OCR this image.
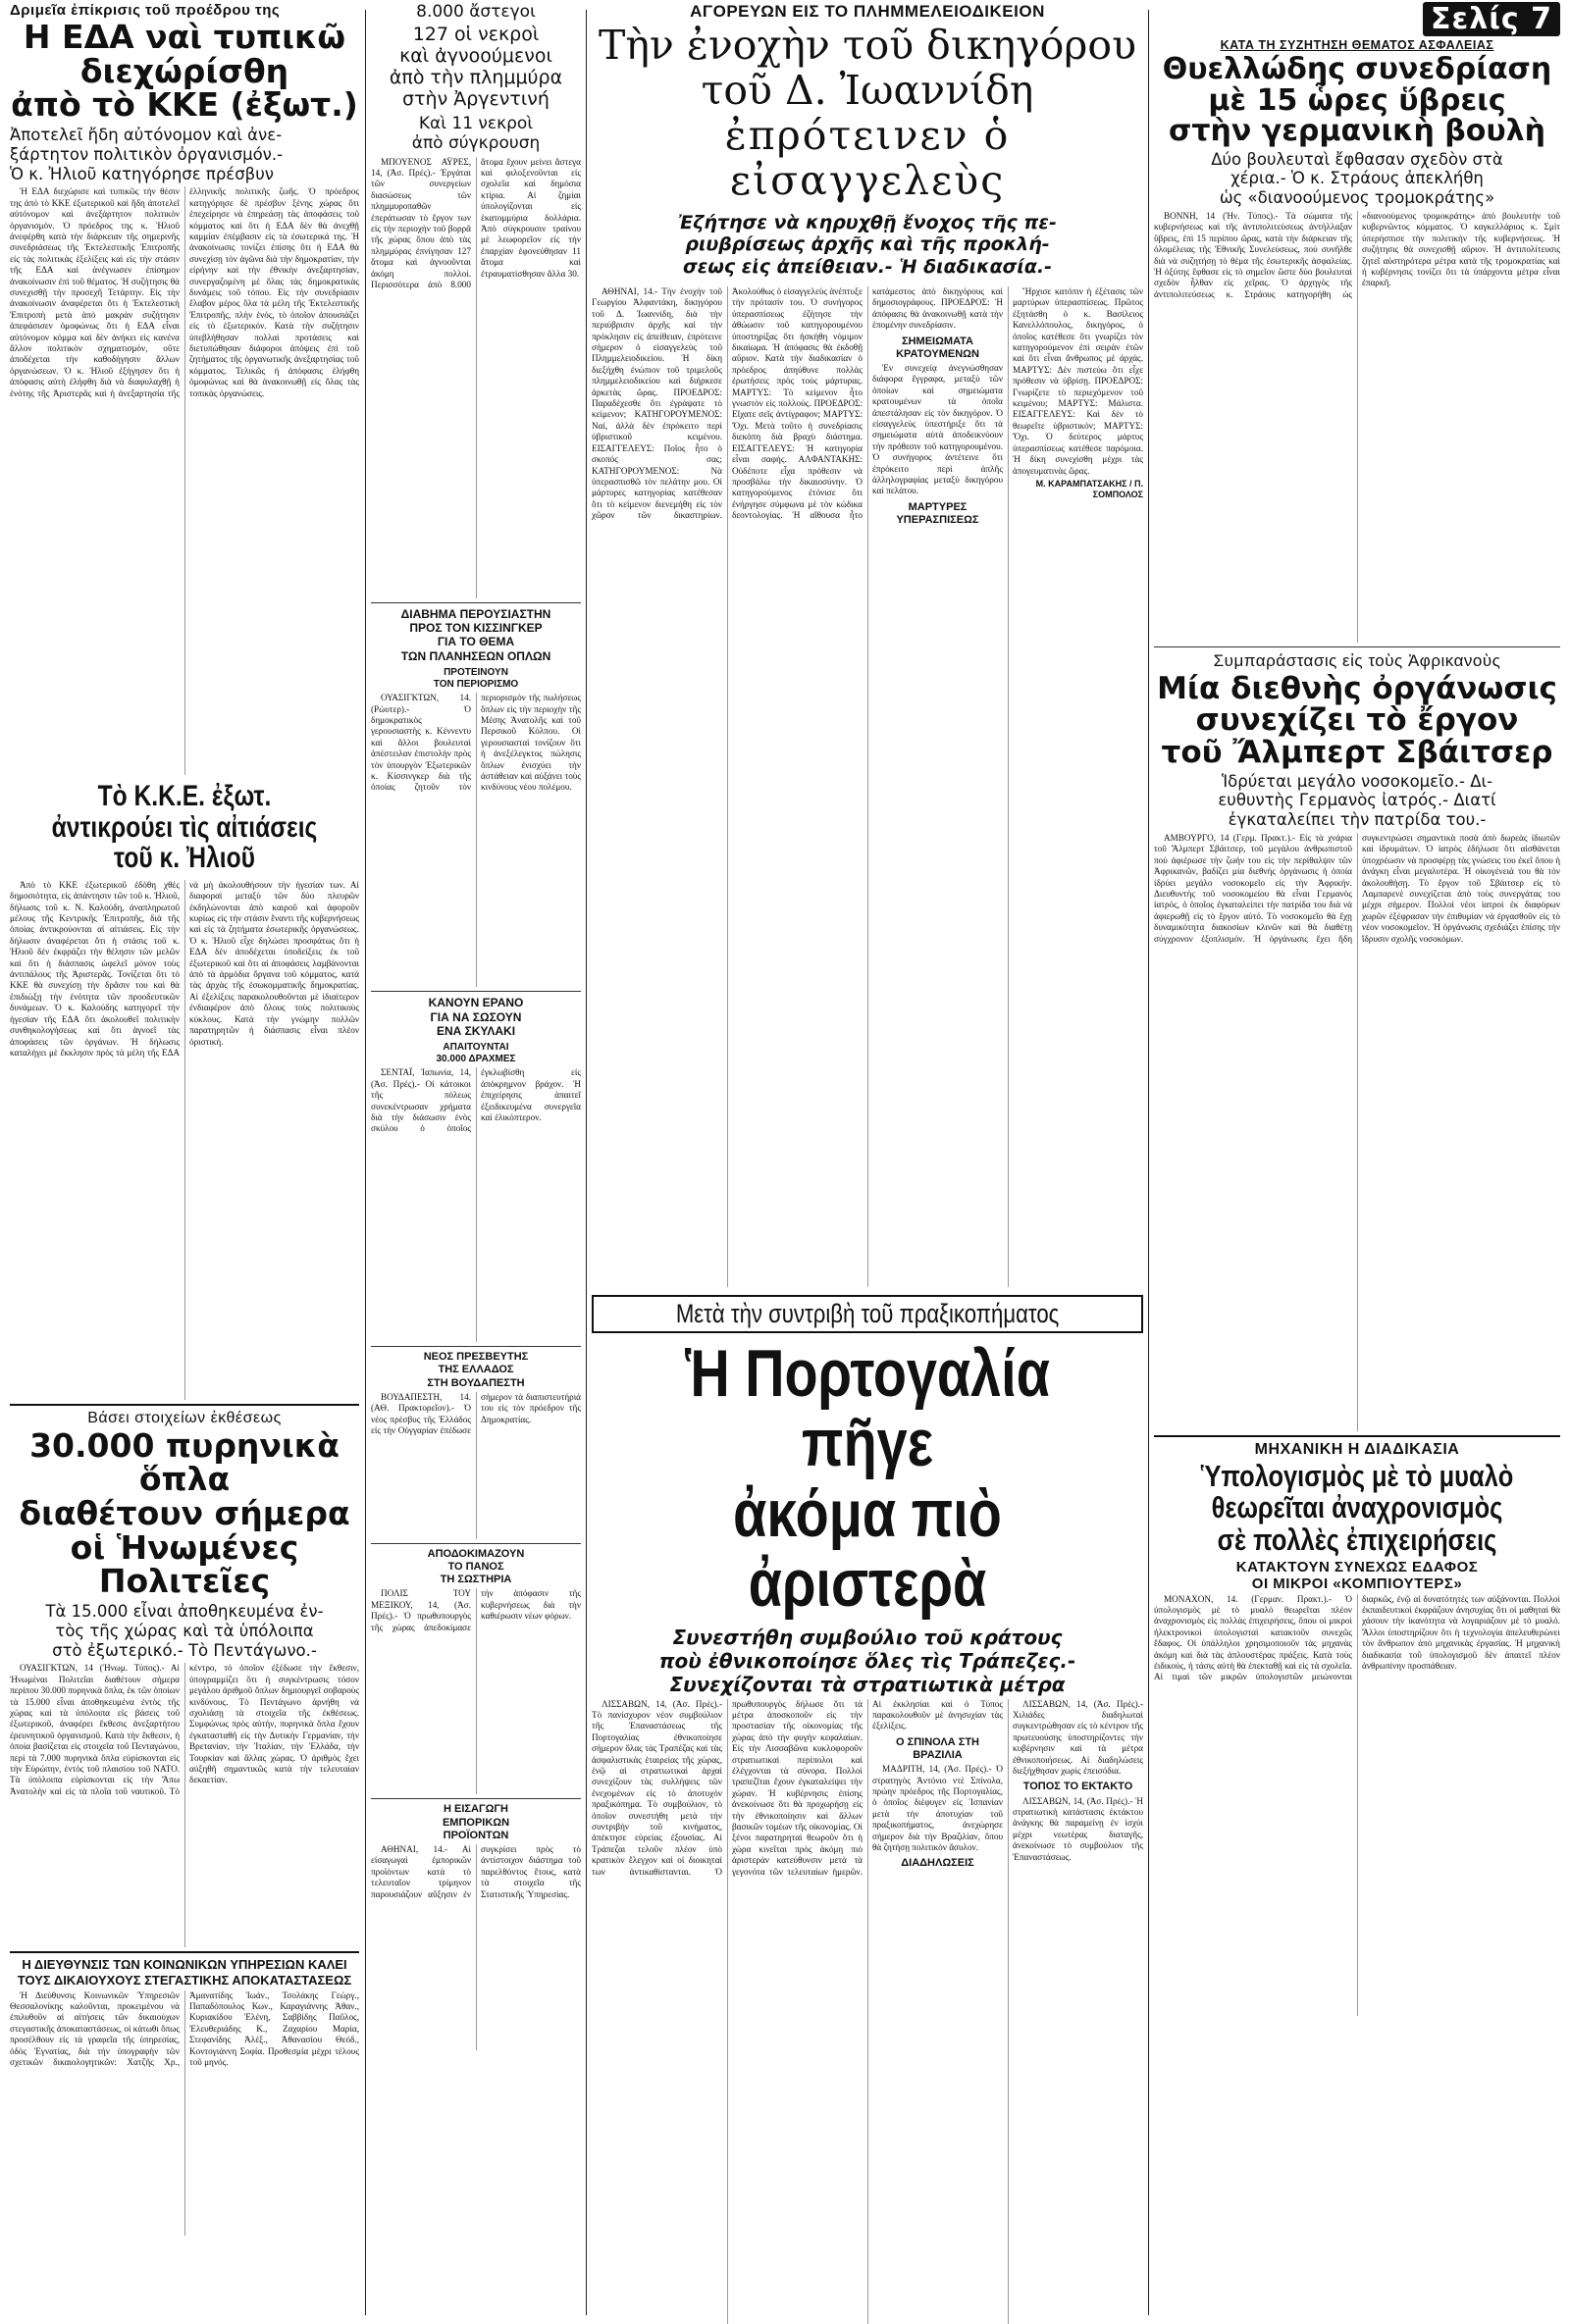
Δριμεῖα ἐπίκρισις τοῦ προέδρου της
Η ΕΔΑ ναὶ τυπικῶ
διεχώρίσθη
ἀπὸ τὸ ΚΚΕ (ἐξωτ.)
Ἀποτελεῖ ἤδη αὐτόνομον καὶ ἀνε-
ξάρτητον πολιτικὸν ὀργανισμόν.-
Ὁ κ. Ἠλιοῦ κατηγόρησε πρέσβυν

Ἡ ΕΔΑ διεχώρισε καὶ τυπικῶς τὴν θέσιν της ἀπὸ τὸ ΚΚΕ ἐξωτερικοῦ καὶ ἤδη ἀποτελεῖ αὐτόνομον καὶ ἀνεξάρτητον πολιτικὸν ὀργανισμόν. Ὁ πρόεδρος της κ. Ἠλιοῦ ἀνεφέρθη κατὰ τὴν διάρκειαν τῆς σημερινῆς συνεδριάσεως τῆς Ἐκτελεστικῆς Ἐπιτροπῆς εἰς τὰς πολιτικὰς ἐξελίξεις καὶ εἰς τὴν στάσιν τῆς ΕΔΑ καὶ ἀνέγνωσεν ἐπίσημον ἀνακοίνωσιν ἐπὶ τοῦ θέματος. Ἡ συζήτησις θὰ συνεχισθῇ τὴν προσεχῆ Τετάρτην. Εἰς τὴν ἀνακοίνωσιν ἀναφέρεται ὅτι ἡ Ἐκτελεστικὴ Ἐπιτροπὴ μετὰ ἀπὸ μακρὰν συζήτησιν ἀπεφάσισεν ὁμοφώνως ὅτι ἡ ΕΔΑ εἶναι αὐτόνομον κόμμα καὶ δὲν ἀνήκει εἰς κανένα ἄλλον πολιτικὸν σχηματισμόν, οὔτε ἀποδέχεται τὴν καθοδήγησιν ἄλλων ὀργανώσεων. Ὁ κ. Ἠλιοῦ ἐξήγησεν ὅτι ἡ ἀπόφασις αὐτὴ ἐλήφθη διὰ νὰ διαφυλαχθῇ ἡ ἑνότης τῆς Ἀριστερᾶς καὶ ἡ ἀνεξαρτησία τῆς ἑλληνικῆς πολιτικῆς ζωῆς. Ὁ πρόεδρος κατηγόρησε δὲ πρέσβυν ξένης χώρας ὅτι ἐπεχείρησε νὰ ἐπηρεάσῃ τὰς ἀποφάσεις τοῦ κόμματος καὶ ὅτι ἡ ΕΔΑ δὲν θὰ ἀνεχθῇ καμμίαν ἐπέμβασιν εἰς τὰ ἐσωτερικά της. Ἡ ἀνακοίνωσις τονίζει ἐπίσης ὅτι ἡ ΕΔΑ θὰ συνεχίσῃ τὸν ἀγῶνα διὰ τὴν δημοκρατίαν, τὴν εἰρήνην καὶ τὴν ἐθνικὴν ἀνεξαρτησίαν, συνεργαζομένη μὲ ὅλας τὰς δημοκρατικὰς δυνάμεις τοῦ τόπου. Εἰς τὴν συνεδρίασιν ἔλαβον μέρος ὅλα τὰ μέλη τῆς Ἐκτελεστικῆς Ἐπιτροπῆς, πλὴν ἑνός, τὸ ὁποῖον ἀπουσιάζει εἰς τὸ ἐξωτερικόν. Κατὰ τὴν συζήτησιν ὑπεβλήθησαν πολλαὶ προτάσεις καὶ διετυπώθησαν διάφοροι ἀπόψεις ἐπὶ τοῦ ζητήματος τῆς ὀργανωτικῆς ἀνεξαρτησίας τοῦ κόμματος. Τελικῶς ἡ ἀπόφασις ἐλήφθη ὁμοφώνως καὶ θὰ ἀνακοινωθῇ εἰς ὅλας τὰς τοπικὰς ὀργανώσεις.

Τὸ Κ.Κ.Ε. ἐξωτ. ἀντικρούει τὶς αἰτιάσεις τοῦ κ. Ἠλιοῦ

Ἀπὸ τὸ ΚΚΕ ἐξωτερικοῦ ἐδόθη χθὲς δημοσιότητα, εἰς ἀπάντησιν τῶν τοῦ κ. Ἠλιοῦ, δήλωσις τοῦ κ. Ν. Καλούδη, ἀναπληρωτοῦ μέλους τῆς Κεντρικῆς Ἐπιτροπῆς, διὰ τῆς ὁποίας ἀντικρούονται αἱ αἰτιάσεις. Εἰς τὴν δήλωσιν ἀναφέρεται ὅτι ἡ στάσις τοῦ κ. Ἠλιοῦ δὲν ἐκφράζει τὴν θέλησιν τῶν μελῶν καὶ ὅτι ἡ διάσπασις ὠφελεῖ μόνον τοὺς ἀντιπάλους τῆς Ἀριστερᾶς. Τονίζεται ὅτι τὸ ΚΚΕ θὰ συνεχίσῃ τὴν δρᾶσιν του καὶ θὰ ἐπιδιώξῃ τὴν ἑνότητα τῶν προοδευτικῶν δυνάμεων. Ὁ κ. Καλούδης κατηγορεῖ τὴν ἡγεσίαν τῆς ΕΔΑ ὅτι ἀκολουθεῖ πολιτικὴν συνθηκολογήσεως καὶ ὅτι ἀγνοεῖ τὰς ἀποφάσεις τῶν ὀργάνων. Ἡ δήλωσις καταλήγει μὲ ἔκκλησιν πρὸς τὰ μέλη τῆς ΕΔΑ νὰ μὴ ἀκολουθήσουν τὴν ἡγεσίαν των. Αἱ διαφοραὶ μεταξὺ τῶν δύο πλευρῶν ἐκδηλώνονται ἀπὸ καιροῦ καὶ ἀφοροῦν κυρίως εἰς τὴν στάσιν ἔναντι τῆς κυβερνήσεως καὶ εἰς τὰ ζητήματα ἐσωτερικῆς ὀργανώσεως. Ὁ κ. Ἠλιοῦ εἶχε δηλώσει προσφάτως ὅτι ἡ ΕΔΑ δὲν ἀποδέχεται ὑποδείξεις ἐκ τοῦ ἐξωτερικοῦ καὶ ὅτι αἱ ἀποφάσεις λαμβάνονται ἀπὸ τὰ ἀρμόδια ὄργανα τοῦ κόμματος, κατὰ τὰς ἀρχὰς τῆς ἐσωκομματικῆς δημοκρατίας. Αἱ ἐξελίξεις παρακολουθοῦνται μὲ ἰδιαίτερον ἐνδιαφέρον ἀπὸ ὅλους τοὺς πολιτικοὺς κύκλους. Κατὰ τὴν γνώμην πολλῶν παρατηρητῶν ἡ διάσπασις εἶναι πλέον ὁριστική.

Βάσει στοιχείων ἐκθέσεως
30.000 πυρηνικὰ ὅπλα
διαθέτουν σήμερα
οἱ Ἡνωμένες Πολιτεῖες
Τὰ 15.000 εἶναι ἀποθηκευμένα ἐν-
τὸς τῆς χώρας καὶ τὰ ὑπόλοιπα
στὸ ἐξωτερικό.- Τὸ Πεντάγωνο.-

ΟΥΑΣΙΓΚΤΩΝ, 14 (Ἡνωμ. Τύπος).- Αἱ Ἡνωμέναι Πολιτεῖαι διαθέτουν σήμερα περίπου 30.000 πυρηνικὰ ὅπλα, ἐκ τῶν ὁποίων τὰ 15.000 εἶναι ἀποθηκευμένα ἐντὸς τῆς χώρας καὶ τὰ ὑπόλοιπα εἰς βάσεις τοῦ ἐξωτερικοῦ, ἀναφέρει ἔκθεσις ἀνεξαρτήτου ἐρευνητικοῦ ὀργανισμοῦ. Κατὰ τὴν ἔκθεσιν, ἡ ὁποία βασίζεται εἰς στοιχεῖα τοῦ Πενταγώνου, περὶ τὰ 7.000 πυρηνικὰ ὅπλα εὑρίσκονται εἰς τὴν Εὐρώπην, ἐντὸς τοῦ πλαισίου τοῦ ΝΑΤΟ. Τὰ ὑπόλοιπα εὑρίσκονται εἰς τὴν Ἄπω Ἀνατολὴν καὶ εἰς τὰ πλοῖα τοῦ ναυτικοῦ. Τὸ κέντρο, τὸ ὁποῖον ἐξέδωσε τὴν ἔκθεσιν, ὑπογραμμίζει ὅτι ἡ συγκέντρωσις τόσον μεγάλου ἀριθμοῦ ὅπλων δημιουργεῖ σοβαροὺς κινδύνους. Τὸ Πεντάγωνο ἀρνήθη νὰ σχολιάσῃ τὰ στοιχεῖα τῆς ἐκθέσεως. Συμφώνως πρὸς αὐτήν, πυρηνικὰ ὅπλα ἔχουν ἐγκατασταθῆ εἰς τὴν Δυτικὴν Γερμανίαν, τὴν Βρετανίαν, τὴν Ἰταλίαν, τὴν Ἑλλάδα, τὴν Τουρκίαν καὶ ἄλλας χώρας. Ὁ ἀριθμὸς ἔχει αὐξηθῆ σημαντικῶς κατὰ τὴν τελευταίαν δεκαετίαν.

Η ΔΙΕΥΘΥΝΣΙΣ ΤΩΝ ΚΟΙΝΩΝΙΚΩΝ ΥΠΗΡΕΣΙΩΝ ΚΑΛΕΙ ΤΟΥΣ ΔΙΚΑΙΟΥΧΟΥΣ ΣΤΕΓΑΣΤΙΚΗΣ ΑΠΟΚΑΤΑΣΤΑΣΕΩΣ

Ἡ Διεύθυνσις Κοινωνικῶν Ὑπηρεσιῶν Θεσσαλονίκης καλοῦνται, προκειμένου νὰ ἐπιλυθοῦν αἱ αἰτήσεις τῶν δικαιούχων στεγαστικῆς ἀποκαταστάσεως, οἱ κάτωθι ὅπως προσέλθουν εἰς τὰ γραφεῖα τῆς ὑπηρεσίας, ὁδὸς Ἐγνατίας, διὰ τὴν ὑπογραφὴν τῶν σχετικῶν δικαιολογητικῶν: Χατζῆς Χρ., Ἀμανατίδης Ἰωάν., Τσολάκης Γεώργ., Παπαδόπουλος Κων., Καραγιάννης Ἀθαν., Κυριακίδου Ἑλένη, Σαββίδης Παῦλος, Ἐλευθεριάδης Κ., Ζαχαρίου Μαρία, Στεφανίδης Ἀλέξ., Ἀθανασίου Θεόδ., Κοντογιάννη Σοφία. Προθεσμία μέχρι τέλους τοῦ μηνός.

8.000 ἄστεγοι
127 οἱ νεκροὶ
καὶ ἀγνοούμενοι
ἀπὸ τὴν πλημμύρα
στὴν Ἀργεντινή
Καὶ 11 νεκροὶ
ἀπὸ σύγκρουση

ΜΠΟΥΕΝΟΣ ΑΫΡΕΣ, 14, (Ἀσ. Πρές).- Ἐργάται τῶν συνεργείων διασώσεως τῶν πλημμυροπαθῶν ἐπεράτωσαν τὸ ἔργον των εἰς τὴν περιοχὴν τοῦ βορρᾶ τῆς χώρας ὅπου ἀπὸ τὰς πλημμύρας ἐπνίγησαν 127 ἄτομα καὶ ἀγνοοῦνται ἀκόμη πολλοί. Περισσότερα ἀπὸ 8.000 ἄτομα ἔχουν μείνει ἄστεγα καὶ φιλοξενοῦνται εἰς σχολεῖα καὶ δημόσια κτίρια. Αἱ ζημίαι ὑπολογίζονται εἰς ἑκατομμύρια δολλάρια. Ἀπὸ σύγκρουσιν τραίνου μὲ λεωφορεῖον εἰς τὴν ἐπαρχίαν ἐφονεύθησαν 11 ἄτομα καὶ ἐτραυματίσθησαν ἄλλα 30.

ΔΙΑΒΗΜΑ ΠΕΡΟΥΣΙΑΣΤΗΝ
ΠΡΟΣ ΤΟΝ ΚΙΣΣΙΝΓΚΕΡ
ΓΙΑ ΤΟ ΘΕΜΑ
ΤΩΝ ΠΛΑΝΗΣΕΩΝ ΟΠΛΩΝ
ΠΡΟΤΕΙΝΟΥΝ
ΤΟΝ ΠΕΡΙΟΡΙΣΜΟ

ΟΥΑΣΙΓΚΤΩΝ, 14. (Ρώυτερ).- Ὁ δημοκρατικὸς γερουσιαστὴς κ. Κέννεντυ καὶ ἄλλοι βουλευταὶ ἀπέστειλαν ἐπιστολὴν πρὸς τὸν ὑπουργὸν Ἐξωτερικῶν κ. Κίσσινγκερ διὰ τῆς ὁποίας ζητοῦν τὸν περιορισμὸν τῆς πωλήσεως ὅπλων εἰς τὴν περιοχὴν τῆς Μέσης Ἀνατολῆς καὶ τοῦ Περσικοῦ Κόλπου. Οἱ γερουσιασταὶ τονίζουν ὅτι ἡ ἀνεξέλεγκτος πώλησις ὅπλων ἐνισχύει τὴν ἀστάθειαν καὶ αὐξάνει τοὺς κινδύνους νέου πολέμου.

ΚΑΝΟΥΝ ΕΡΑΝΟ
ΓΙΑ ΝΑ ΣΩΣΟΥΝ
ΕΝΑ ΣΚΥΛΑΚΙ
ΑΠΑΙΤΟΥΝΤΑΙ
30.000 ΔΡΑΧΜΕΣ

ΣΕΝΤΑΪ, Ἰαπωνία, 14, (Ἀσ. Πρές).- Οἱ κάτοικοι τῆς πόλεως συνεκέντρωσαν χρήματα διὰ τὴν διάσωσιν ἑνὸς σκύλου ὁ ὁποῖος ἐγκλωβίσθη εἰς ἀπόκρημνον βράχον. Ἡ ἐπιχείρησις ἀπαιτεῖ ἐξειδικευμένα συνεργεῖα καὶ ἑλικόπτερον.

ΝΕΟΣ ΠΡΕΣΒΕΥΤΗΣ
ΤΗΣ ΕΛΛΑΔΟΣ
ΣΤΗ ΒΟΥΔΑΠΕΣΤΗ

ΒΟΥΔΑΠΕΣΤΗ, 14. (ΑΘ. Πρακτορεῖον).- Ὁ νέος πρέσβυς τῆς Ἑλλάδος εἰς τὴν Οὑγγαρίαν ἐπέδωσε σήμερον τὰ διαπιστευτήριά του εἰς τὸν πρόεδρον τῆς Δημοκρατίας.

ΑΠΟΔΟΚΙΜΑΖΟΥΝ
ΤΟ ΠΑΝΟΣ
ΤΗ ΣΩΣΤΗΡΙΑ

ΠΟΛΙΣ ΤΟΥ ΜΕΞΙΚΟΥ, 14, (Ἀσ. Πρές).- Ὁ πρωθυπουργὸς τῆς χώρας ἀπεδοκίμασε τὴν ἀπόφασιν τῆς κυβερνήσεως διὰ τὴν καθιέρωσιν νέων φόρων.

Η ΕΙΣΑΓΩΓΗ
ΕΜΠΟΡΙΚΩΝ
ΠΡΟΪΟΝΤΩΝ

ΑΘΗΝΑΙ, 14.- Αἱ εἰσαγωγαὶ ἐμπορικῶν προϊόντων κατὰ τὸ τελευταῖον τρίμηνον παρουσιάζουν αὔξησιν ἐν συγκρίσει πρὸς τὸ ἀντίστοιχον διάστημα τοῦ παρελθόντος ἔτους, κατὰ τὰ στοιχεῖα τῆς Στατιστικῆς Ὑπηρεσίας.

ΑΓΟΡΕΥΩΝ ΕΙΣ ΤΟ ΠΛΗΜΜΕΛΕΙΟΔΙΚΕΙΟΝ
Τὴν ἐνοχὴν τοῦ δικηγόρου
τοῦ Δ. Ἰωαννίδη
ἐπρότεινεν ὁ εἰσαγγελεὺς
Ἐζήτησε νὰ κηρυχθῇ ἔνοχος τῆς πε-
ριυβρίσεως ἀρχῆς καὶ τῆς προκλή-
σεως εἰς ἀπείθειαν.- Ἡ διαδικασία.-

ΑΘΗΝΑΙ, 14.- Τὴν ἐνοχὴν τοῦ Γεωργίου Ἀλφαντάκη, δικηγόρου τοῦ Δ. Ἰωαννίδη, διὰ τὴν περιύβρισιν ἀρχῆς καὶ τὴν πρόκλησιν εἰς ἀπείθειαν, ἐπρότεινε σήμερον ὁ εἰσαγγελεὺς τοῦ Πλημμελειοδικείου. Ἡ δίκη διεξήχθη ἐνώπιον τοῦ τριμελοῦς πλημμελειοδικείου καὶ διήρκεσε ἀρκετὰς ὥρας. ΠΡΟΕΔΡΟΣ: Παραδέχεσθε ὅτι ἐγράψατε τὸ κείμενον; ΚΑΤΗΓΟΡΟΥΜΕΝΟΣ: Ναί, ἀλλὰ δὲν ἐπρόκειτο περὶ ὑβριστικοῦ κειμένου. ΕΙΣΑΓΓΕΛΕΥΣ: Ποῖος ἦτο ὁ σκοπός σας; ΚΑΤΗΓΟΡΟΥΜΕΝΟΣ: Νὰ ὑπερασπισθῶ τὸν πελάτην μου. Οἱ μάρτυρες κατηγορίας κατέθεσαν ὅτι τὸ κείμενον διενεμήθη εἰς τὸν χῶρον τῶν δικαστηρίων. Ἀκολούθως ὁ εἰσαγγελεὺς ἀνέπτυξε τὴν πρότασίν του. Ὁ συνήγορος ὑπερασπίσεως ἐζήτησε τὴν ἀθώωσιν τοῦ κατηγορουμένου ὑποστηρίξας ὅτι ἠσκήθη νόμιμον δικαίωμα. Ἡ ἀπόφασις θὰ ἐκδοθῇ αὔριον. Κατὰ τὴν διαδικασίαν ὁ πρόεδρος ἀπηύθυνε πολλὰς ἐρωτήσεις πρὸς τοὺς μάρτυρας. ΜΑΡΤΥΣ: Τὸ κείμενον ἦτο γνωστὸν εἰς πολλούς. ΠΡΟΕΔΡΟΣ: Εἴχατε σεῖς ἀντίγραφον; ΜΑΡΤΥΣ: Ὄχι. Μετὰ τοῦτο ἡ συνεδρίασις διεκόπη διὰ βραχὺ διάστημα. ΕΙΣΑΓΓΕΛΕΥΣ: Ἡ κατηγορία εἶναι σαφής. ΑΛΦΑΝΤΑΚΗΣ: Οὐδέποτε εἶχα πρόθεσιν νὰ προσβάλω τὴν δικαιοσύνην. Ὁ κατηγορούμενος ἐτόνισε ὅτι ἐνήργησε σύμφωνα μὲ τὸν κώδικα δεοντολογίας. Ἡ αἴθουσα ἦτο κατάμεστος ἀπὸ δικηγόρους καὶ δημοσιογράφους. ΠΡΟΕΔΡΟΣ: Ἡ ἀπόφασις θὰ ἀνακοινωθῇ κατὰ τὴν ἑπομένην συνεδρίασιν.

ΣΗΜΕΙΩΜΑΤΑ ΚΡΑΤΟΥΜΕΝΩΝ

Ἐν συνεχείᾳ ἀνεγνώσθησαν διάφορα ἔγγραφα, μεταξὺ τῶν ὁποίων καὶ σημειώματα κρατουμένων τὰ ὁποῖα ἀπεστάλησαν εἰς τὸν δικηγόρον. Ὁ εἰσαγγελεὺς ὑπεστήριξε ὅτι τὰ σημειώματα αὐτὰ ἀποδεικνύουν τὴν πρόθεσιν τοῦ κατηγορουμένου. Ὁ συνήγορος ἀντέτεινε ὅτι ἐπρόκειτο περὶ ἀπλῆς ἀλληλογραφίας μεταξὺ δικηγόρου καὶ πελάτου.

ΜΑΡΤΥΡΕΣ ΥΠΕΡΑΣΠΙΣΕΩΣ

Ἤρχισε κατόπιν ἡ ἐξέτασις τῶν μαρτύρων ὑπερασπίσεως. Πρῶτος ἐξητάσθη ὁ κ. Βασίλειος Κανελλόπουλος, δικηγόρος, ὁ ὁποῖος κατέθεσε ὅτι γνωρίζει τὸν κατηγορούμενον ἐπὶ σειρὰν ἐτῶν καὶ ὅτι εἶναι ἄνθρωπος μὲ ἀρχάς. ΜΑΡΤΥΣ: Δὲν πιστεύω ὅτι εἶχε πρόθεσιν νὰ ὑβρίσῃ. ΠΡΟΕΔΡΟΣ: Γνωρίζετε τὸ περιεχόμενον τοῦ κειμένου; ΜΑΡΤΥΣ: Μάλιστα. ΕΙΣΑΓΓΕΛΕΥΣ: Καὶ δὲν τὸ θεωρεῖτε ὑβριστικόν; ΜΑΡΤΥΣ: Ὄχι. Ὁ δεύτερος μάρτυς ὑπερασπίσεως κατέθεσε παρόμοια. Ἡ δίκη συνεχίσθη μέχρι τὰς ἀπογευματινὰς ὥρας.

Μ. ΚΑΡΑΜΠΑΤΣΑΚΗΣ / Π. ΣΟΜΠΟΛΟΣ
Μετὰ τὴν συντριβὴ τοῦ πραξικοπήματος
Ἡ Πορτογαλία πῆγε
ἀκόμα πιὸ ἀριστερὰ
Συνεστήθη συμβούλιο τοῦ κράτους
ποὺ ἐθνικοποίησε ὅλες τὶς Τράπεζες.-
Συνεχίζονται τὰ στρατιωτικὰ μέτρα

ΛΙΣΣΑΒΩΝ, 14, (Ἀσ. Πρές).- Τὸ πανίσχυρον νέον συμβούλιον τῆς Ἐπαναστάσεως τῆς Πορτογαλίας ἐθνικοποίησε σήμερον ὅλας τὰς Τραπέζας καὶ τὰς ἀσφαλιστικὰς ἑταιρείας τῆς χώρας, ἐνῷ αἱ στρατιωτικαὶ ἀρχαὶ συνεχίζουν τὰς συλλήψεις τῶν ἐνεχομένων εἰς τὸ ἀποτυχὸν πραξικόπημα. Τὸ συμβούλιον, τὸ ὁποῖον συνεστήθη μετὰ τὴν συντριβὴν τοῦ κινήματος, ἀπέκτησε εὐρείας ἐξουσίας. Αἱ Τράπεζαι τελοῦν πλέον ὑπὸ κρατικὸν ἔλεγχον καὶ οἱ διοικηταί των ἀντικαθίστανται. Ὁ πρωθυπουργὸς δήλωσε ὅτι τὰ μέτρα ἀποσκοποῦν εἰς τὴν προστασίαν τῆς οἰκονομίας τῆς χώρας ἀπὸ τὴν φυγὴν κεφαλαίων. Εἰς τὴν Λισσαβῶνα κυκλοφοροῦν στρατιωτικαὶ περίπολοι καὶ ἐλέγχονται τὰ σύνορα. Πολλοὶ τραπεζῖται ἔχουν ἐγκαταλείψει τὴν χώραν. Ἡ κυβέρνησις ἐπίσης ἀνεκοίνωσε ὅτι θὰ προχωρήσῃ εἰς τὴν ἐθνικοποίησιν καὶ ἄλλων βασικῶν τομέων τῆς οἰκονομίας. Οἱ ξένοι παρατηρηταὶ θεωροῦν ὅτι ἡ χώρα κινεῖται πρὸς ἀκόμη πιὸ ἀριστερὰν κατεύθυνσιν μετὰ τὰ γεγονότα τῶν τελευταίων ἡμερῶν. Αἱ ἐκκλησίαι καὶ ὁ Τύπος παρακολουθοῦν μὲ ἀνησυχίαν τὰς ἐξελίξεις.

Ο ΣΠΙΝΟΛΑ ΣΤΗ ΒΡΑΖΙΛΙΑ

ΜΑΔΡΙΤΗ, 14, (Ἀσ. Πρές).- Ὁ στρατηγὸς Ἀντόνιο ντὲ Σπίνολα, πρώην πρόεδρος τῆς Πορτογαλίας, ὁ ὁποῖος διέφυγεν εἰς Ἱσπανίαν μετὰ τὴν ἀποτυχίαν τοῦ πραξικοπήματος, ἀνεχώρησε σήμερον διὰ τὴν Βραζιλίαν, ὅπου θὰ ζητήσῃ πολιτικὸν ἄσυλον.

ΔΙΑΔΗΛΩΣΕΙΣ

ΛΙΣΣΑΒΩΝ, 14, (Ἀσ. Πρές).- Χιλιάδες διαδηλωταὶ συγκεντρώθησαν εἰς τὸ κέντρον τῆς πρωτευούσης ὑποστηρίζοντες τὴν κυβέρνησιν καὶ τὰ μέτρα ἐθνικοποιήσεως. Αἱ διαδηλώσεις διεξήχθησαν χωρὶς ἐπεισόδια.

ΤΟΠΟΣ ΤΟ ΕΚΤΑΚΤΟ

ΛΙΣΣΑΒΩΝ, 14, (Ἀσ. Πρές).- Ἡ στρατιωτικὴ κατάστασις ἐκτάκτου ἀνάγκης θὰ παραμείνῃ ἐν ἰσχύι μέχρι νεωτέρας διαταγῆς, ἀνεκοίνωσε τὸ συμβούλιον τῆς Ἐπαναστάσεως.

Σελίς 7
ΚΑΤΑ ΤΗ ΣΥΖΗΤΗΣΗ ΘΕΜΑΤΟΣ ΑΣΦΑΛΕΙΑΣ
Θυελλώδης συνεδρίαση
μὲ 15 ὧρες ὕβρεις
στὴν γερμανικὴ βουλὴ
Δύο βουλευταὶ ἔφθασαν σχεδὸν στὰ
χέρια.- Ὁ κ. Στράους ἀπεκλήθη
ὡς «διανοούμενος τρομοκράτης»

ΒΟΝΝΗ, 14 (Ἠν. Τύπος).- Τὰ σώματα τῆς κυβερνήσεως καὶ τῆς ἀντιπολιτεύσεως ἀντήλλαξαν ὕβρεις, ἐπὶ 15 περίπου ὥρας, κατὰ τὴν διάρκειαν τῆς ὁλομέλειας τῆς Ἐθνικῆς Συνελεύσεως, ποὺ συνῆλθε διὰ νὰ συζητήσῃ τὸ θέμα τῆς ἐσωτερικῆς ἀσφαλείας. Ἡ ὀξύτης ἔφθασε εἰς τὸ σημεῖον ὥστε δύο βουλευταὶ σχεδὸν ἦλθαν εἰς χεῖρας. Ὁ ἀρχηγὸς τῆς ἀντιπολιτεύσεως κ. Στράους κατηγορήθη ὡς «διανοούμενος τρομοκράτης» ἀπὸ βουλευτὴν τοῦ κυβερνῶντος κόμματος. Ὁ καγκελλάριος κ. Σμὶτ ὑπερήσπισε τὴν πολιτικὴν τῆς κυβερνήσεως. Ἡ συζήτησις θὰ συνεχισθῇ αὔριον. Ἡ ἀντιπολίτευσις ζητεῖ αὐστηρότερα μέτρα κατὰ τῆς τρομοκρατίας καὶ ἡ κυβέρνησις τονίζει ὅτι τὰ ὑπάρχοντα μέτρα εἶναι ἐπαρκῆ.

Συμπαράστασις εἰς τοὺς Ἀφρικανοὺς
Μία διεθνὴς ὀργάνωσις
συνεχίζει τὸ ἔργον
τοῦ Ἄλμπερτ Σβάιτσερ
Ἱδρύεται μεγάλο νοσοκομεῖο.- Δι-
ευθυντὴς Γερμανὸς ἰατρός.- Διατί
ἐγκαταλείπει τὴν πατρίδα του.-

ΑΜΒΟΥΡΓΟ, 14 (Γερμ. Πρακτ.).- Εἰς τὰ χνάρια τοῦ Ἄλμπερτ Σβάιτσερ, τοῦ μεγάλου ἀνθρωπιστοῦ ποὺ ἀφιέρωσε τὴν ζωήν του εἰς τὴν περίθαλψιν τῶν Ἀφρικανῶν, βαδίζει μία διεθνὴς ὀργάνωσις ἡ ὁποία ἱδρύει μεγάλο νοσοκομεῖο εἰς τὴν Ἀφρικήν. Διευθυντὴς τοῦ νοσοκομείου θὰ εἶναι Γερμανὸς ἰατρός, ὁ ὁποῖος ἐγκαταλείπει τὴν πατρίδα του διὰ νὰ ἀφιερωθῇ εἰς τὸ ἔργον αὐτό. Τὸ νοσοκομεῖο θὰ ἔχῃ δυναμικότητα διακοσίων κλινῶν καὶ θὰ διαθέτῃ σύγχρονον ἐξοπλισμόν. Ἡ ὀργάνωσις ἔχει ἤδη συγκεντρώσει σημαντικὰ ποσὰ ἀπὸ δωρεὰς ἰδιωτῶν καὶ ἱδρυμάτων. Ὁ ἰατρὸς ἐδήλωσε ὅτι αἰσθάνεται ὑποχρέωσιν νὰ προσφέρῃ τὰς γνώσεις του ἐκεῖ ὅπου ἡ ἀνάγκη εἶναι μεγαλυτέρα. Ἡ οἰκογένειά του θὰ τὸν ἀκολουθήσῃ. Τὸ ἔργον τοῦ Σβάιτσερ εἰς τὸ Λαμπαρενὲ συνεχίζεται ἀπὸ τοὺς συνεργάτας του μέχρι σήμερον. Πολλοὶ νέοι ἰατροὶ ἐκ διαφόρων χωρῶν ἐξέφρασαν τὴν ἐπιθυμίαν νὰ ἐργασθοῦν εἰς τὸ νέον νοσοκομεῖον. Ἡ ὀργάνωσις σχεδιάζει ἐπίσης τὴν ἵδρυσιν σχολῆς νοσοκόμων.

ΜΗΧΑΝΙΚΗ Η ΔΙΑΔΙΚΑΣΙΑ
Ὑπολογισμὸς μὲ τὸ μυαλὸ
θεωρεῖται ἀναχρονισμὸς
σὲ πολλὲς ἐπιχειρήσεις
ΚΑΤΑΚΤΟΥΝ ΣΥΝΕΧΩΣ ΕΔΑΦΟΣ
ΟΙ ΜΙΚΡΟΙ «ΚΟΜΠΙΟΥΤΕΡΣ»

ΜΟΝΑΧΟΝ, 14. (Γερμαν. Πρακτ.).- Ὁ ὑπολογισμὸς μὲ τὸ μυαλὸ θεωρεῖται πλέον ἀναχρονισμὸς εἰς πολλὰς ἐπιχειρήσεις, ὅπου οἱ μικροὶ ἠλεκτρονικοὶ ὑπολογισταὶ κατακτοῦν συνεχῶς ἔδαφος. Οἱ ὑπάλληλοι χρησιμοποιοῦν τὰς μηχανὰς ἀκόμη καὶ διὰ τὰς ἁπλουστέρας πράξεις. Κατὰ τοὺς ἐιδικούς, ἡ τάσις αὐτὴ θὰ ἐπεκταθῇ καὶ εἰς τὰ σχολεῖα. Αἱ τιμαὶ τῶν μικρῶν ὑπολογιστῶν μειώνονται διαρκῶς, ἐνῷ αἱ δυνατότητές των αὐξάνονται. Πολλοὶ ἐκπαιδευτικοὶ ἐκφράζουν ἀνησυχίας ὅτι οἱ μαθηταὶ θὰ χάσουν τὴν ἱκανότητα νὰ λογαριάζουν μὲ τὸ μυαλό. Ἄλλοι ὑποστηρίζουν ὅτι ἡ τεχνολογία ἀπελευθερώνει τὸν ἄνθρωπον ἀπὸ μηχανικὰς ἐργασίας. Ἡ μηχανικὴ διαδικασία τοῦ ὑπολογισμοῦ δὲν ἀπαιτεῖ πλέον ἀνθρωπίνην προσπάθειαν.
